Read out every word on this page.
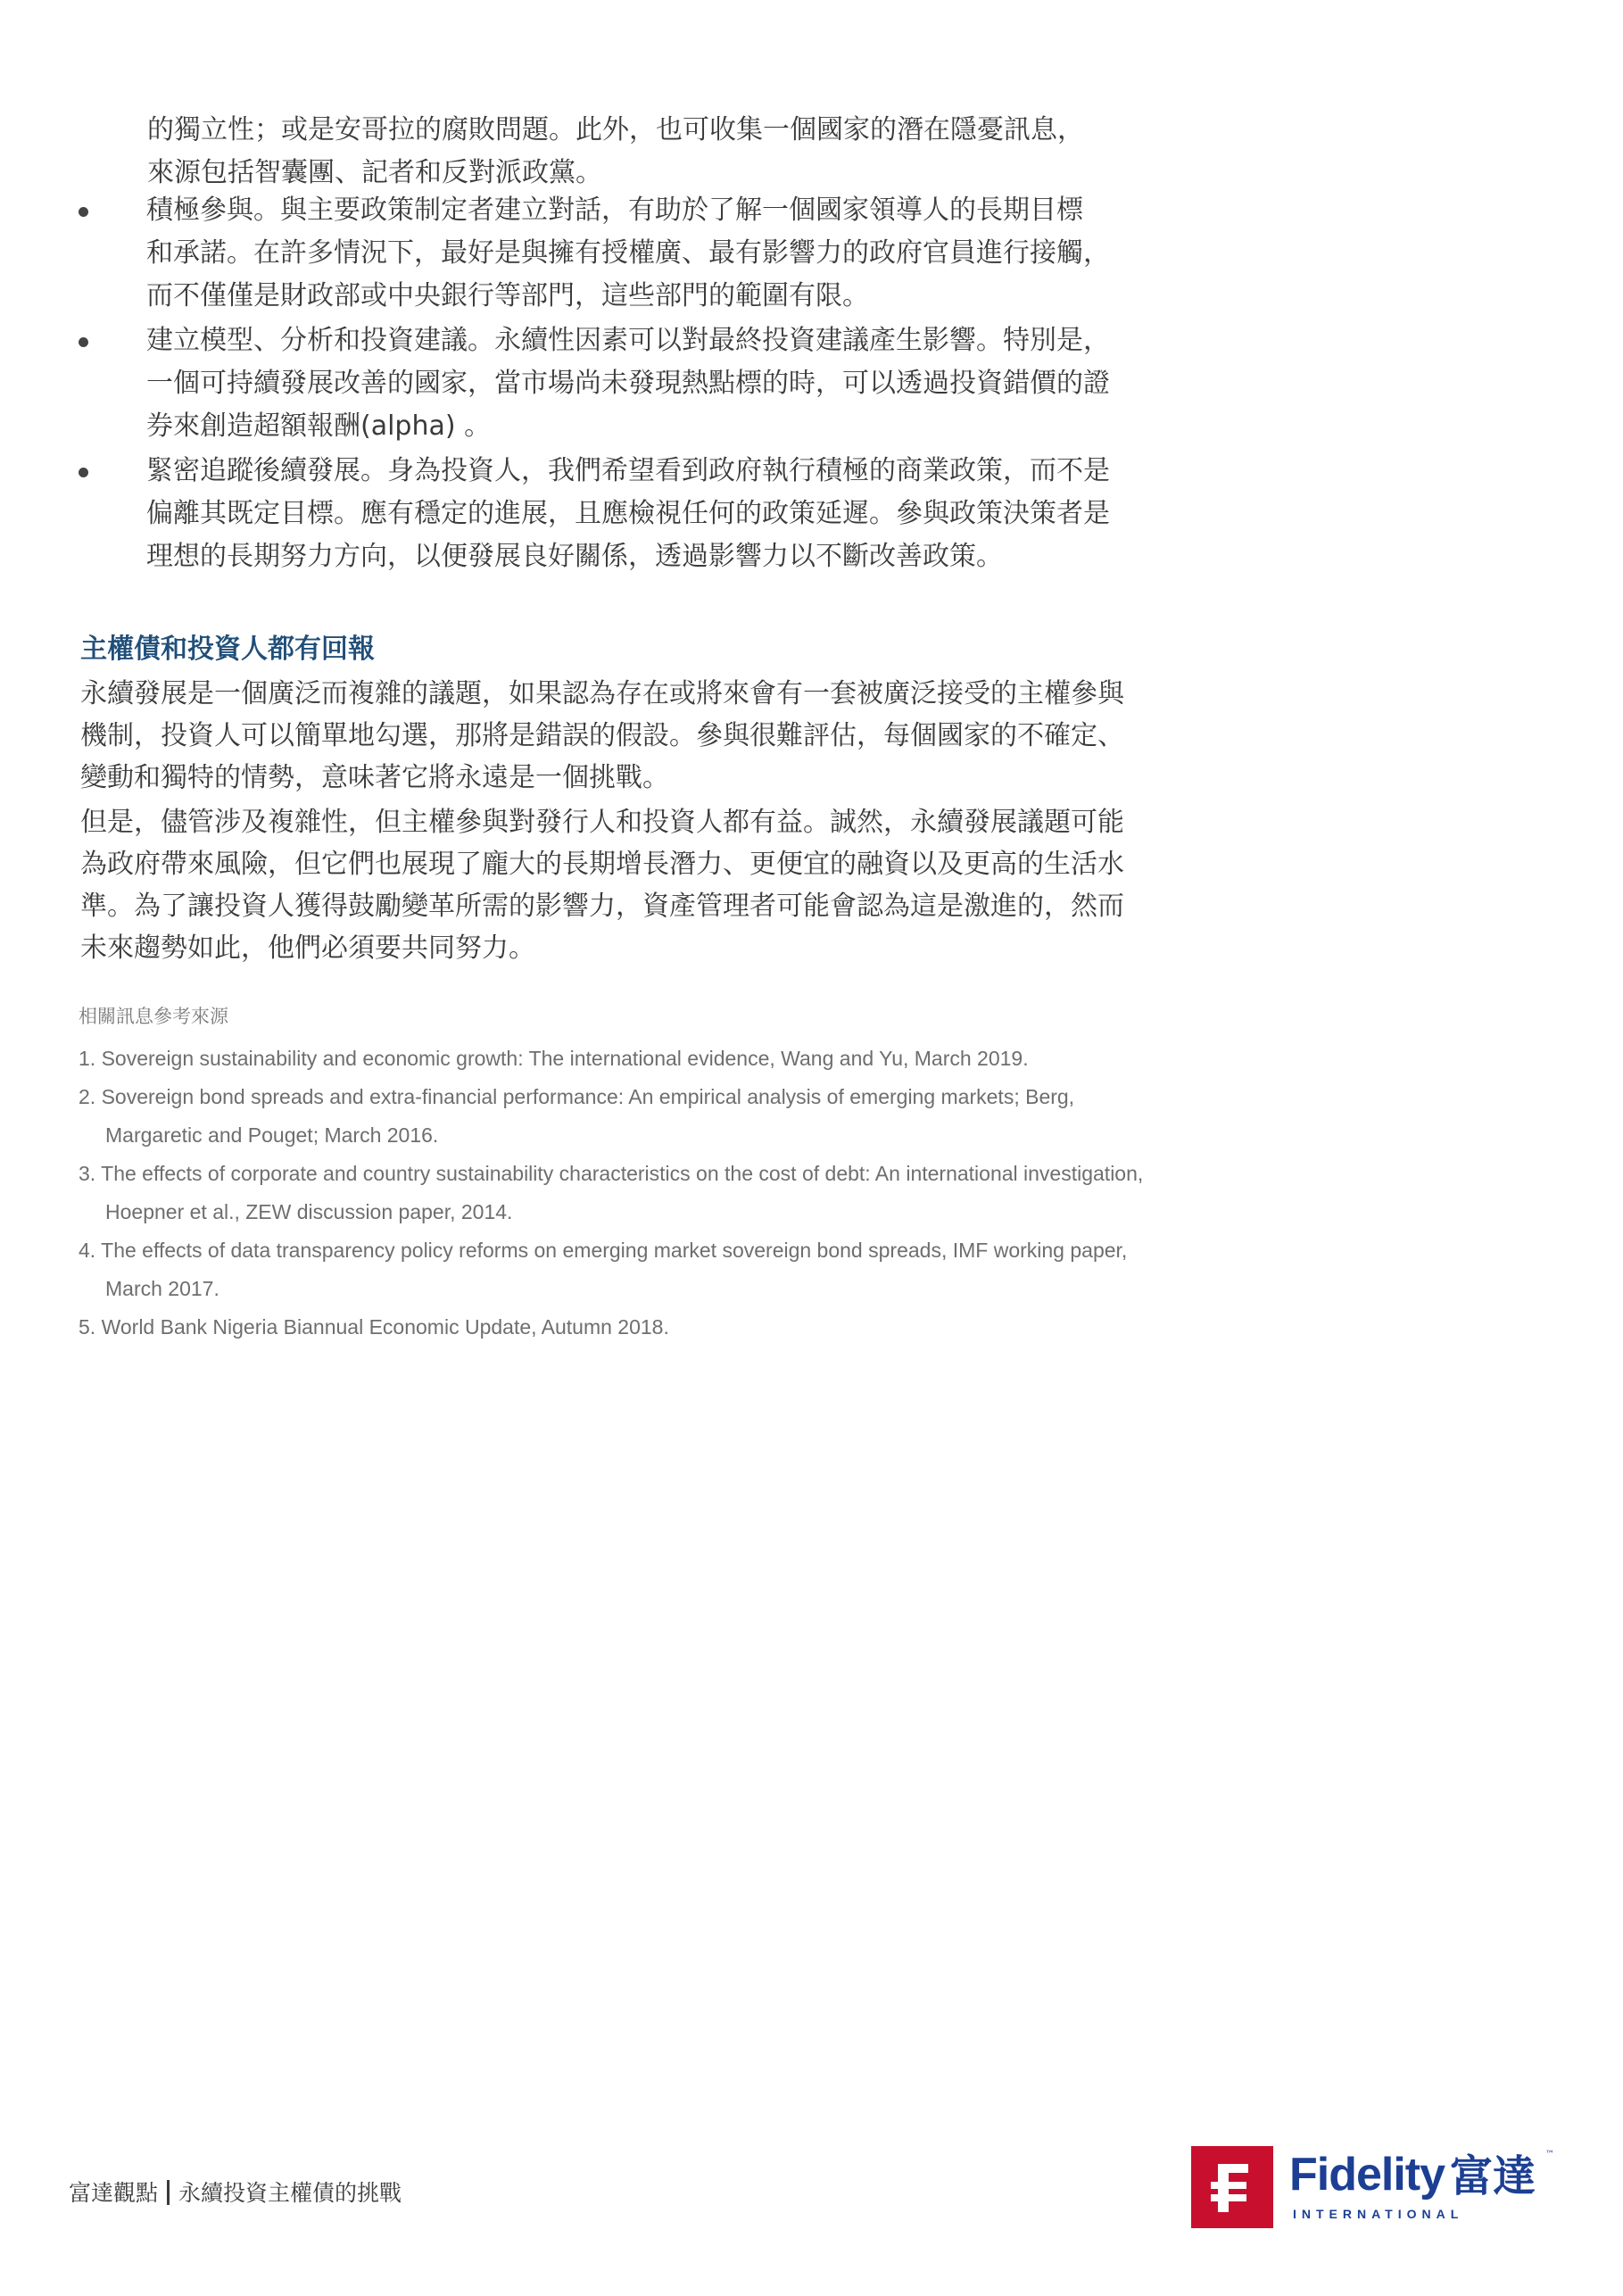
的獨立性；或是安哥拉的腐敗問題。此外，也可收集一個國家的潛在隱憂訊息，
來源包括智囊團、記者和反對派政黨。
積極參與。與主要政策制定者建立對話，有助於了解一個國家領導人的長期目標
和承諾。在許多情況下，最好是與擁有授權廣、最有影響力的政府官員進行接觸，
而不僅僅是財政部或中央銀行等部門，這些部門的範圍有限。
建立模型、分析和投資建議。永續性因素可以對最終投資建議產生影響。特別是，
一個可持續發展改善的國家，當市場尚未發現熱點標的時，可以透過投資錯價的證
券來創造超額報酬(alpha) 。
緊密追蹤後續發展。身為投資人，我們希望看到政府執行積極的商業政策，而不是
偏離其既定目標。應有穩定的進展，且應檢視任何的政策延遲。參與政策決策者是
理想的長期努力方向，以便發展良好關係，透過影響力以不斷改善政策。
主權債和投資人都有回報
永續發展是一個廣泛而複雜的議題，如果認為存在或將來會有一套被廣泛接受的主權參與
機制，投資人可以簡單地勾選，那將是錯誤的假設。參與很難評估，每個國家的不確定、
變動和獨特的情勢，意味著它將永遠是一個挑戰。
但是，儘管涉及複雜性，但主權參與對發行人和投資人都有益。誠然，永續發展議題可能
為政府帶來風險，但它們也展現了龐大的長期增長潛力、更便宜的融資以及更高的生活水
準。為了讓投資人獲得鼓勵變革所需的影響力，資產管理者可能會認為這是激進的，然而
未來趨勢如此，他們必須要共同努力。
相關訊息參考來源
1. Sovereign sustainability and economic growth: The international evidence, Wang and Yu, March 2019.
2. Sovereign bond spreads and extra-financial performance: An empirical analysis of emerging markets; Berg,
Margaretic and Pouget; March 2016.
3. The effects of corporate and country sustainability characteristics on the cost of debt: An international investigation,
Hoepner et al., ZEW discussion paper, 2014.
4. The effects of data transparency policy reforms on emerging market sovereign bond spreads, IMF working paper,
March 2017.
5. World Bank Nigeria Biannual Economic Update, Autumn 2018.
富達觀點 永續投資主權債的挑戰	Fidelity 富達 ™
INTERNATIONAL
